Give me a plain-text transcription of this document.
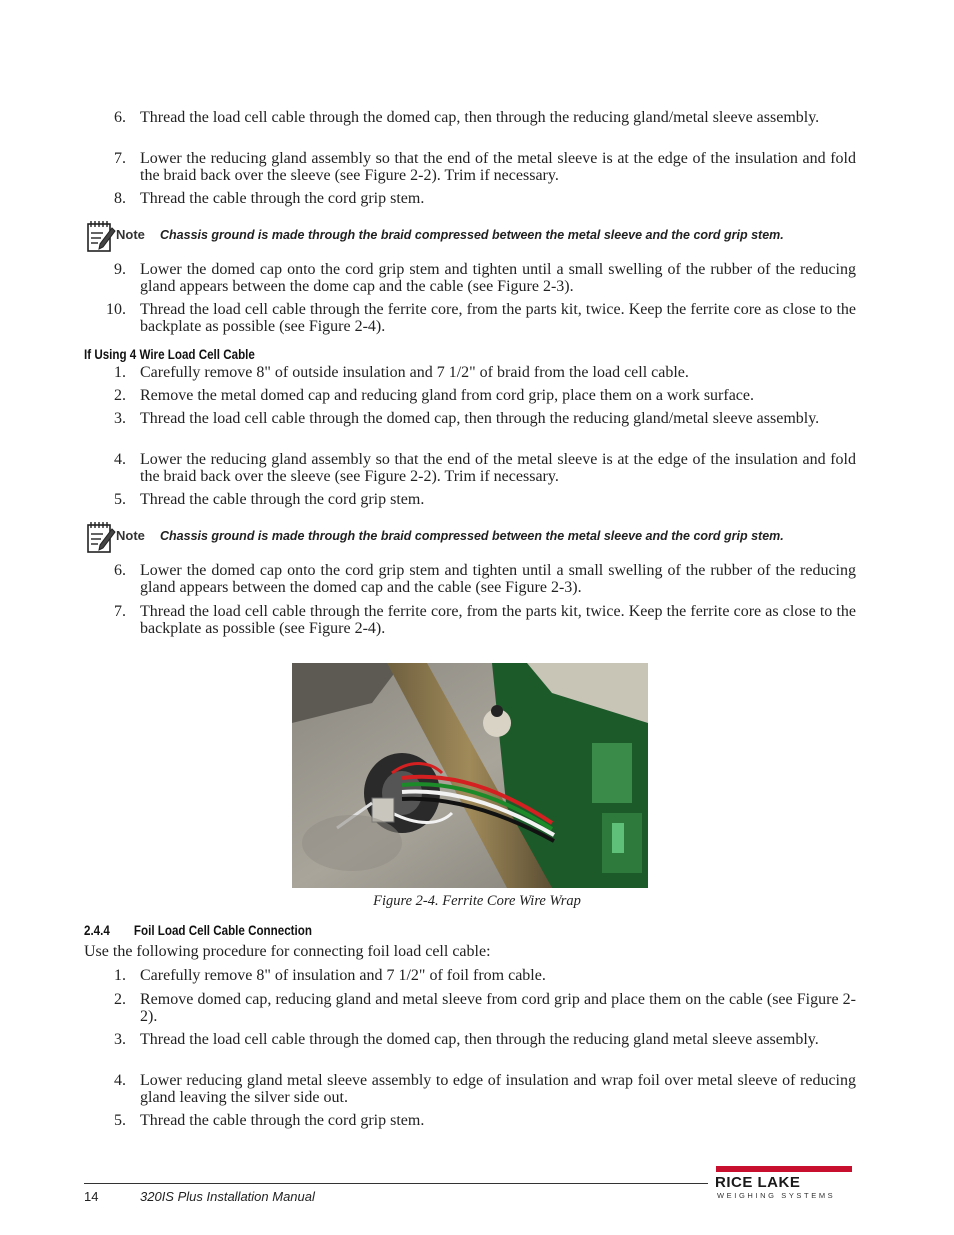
6. Thread the load cell cable through the domed cap, then through the reducing gland/metal sleeve assembly.
7. Lower the reducing gland assembly so that the end of the metal sleeve is at the edge of the insulation and fold the braid back over the sleeve (see Figure 2-2). Trim if necessary.
8. Thread the cable through the cord grip stem.
Note Chassis ground is made through the braid compressed between the metal sleeve and the cord grip stem.
9. Lower the domed cap onto the cord grip stem and tighten until a small swelling of the rubber of the reducing gland appears between the dome cap and the cable (see Figure 2-3).
10. Thread the load cell cable through the ferrite core, from the parts kit, twice. Keep the ferrite core as close to the backplate as possible (see Figure 2-4).
If Using 4 Wire Load Cell Cable
1. Carefully remove 8" of outside insulation and 7 1/2" of braid from the load cell cable.
2. Remove the metal domed cap and reducing gland from cord grip, place them on a work surface.
3. Thread the load cell cable through the domed cap, then through the reducing gland/metal sleeve assembly.
4. Lower the reducing gland assembly so that the end of the metal sleeve is at the edge of the insulation and fold the braid back over the sleeve (see Figure 2-2). Trim if necessary.
5. Thread the cable through the cord grip stem.
Note Chassis ground is made through the braid compressed between the metal sleeve and the cord grip stem.
6. Lower the domed cap onto the cord grip stem and tighten until a small swelling of the rubber of the reducing gland appears between the domed cap and the cable (see Figure 2-3).
7. Thread the load cell cable through the ferrite core, from the parts kit, twice. Keep the ferrite core as close to the backplate as possible (see Figure 2-4).
Figure 2-4. Ferrite Core Wire Wrap
2.4.4 Foil Load Cell Cable Connection
Use the following procedure for connecting foil load cell cable:
1. Carefully remove 8" of insulation and 7 1/2" of foil from cable.
2. Remove domed cap, reducing gland and metal sleeve from cord grip and place them on the cable (see Figure 2-2).
3. Thread the load cell cable through the domed cap, then through the reducing gland metal sleeve assembly.
4. Lower reducing gland metal sleeve assembly to edge of insulation and wrap foil over metal sleeve of reducing gland leaving the silver side out.
5. Thread the cable through the cord grip stem.
14	320IS Plus Installation Manual
RICE LAKE
WEIGHING SYSTEMS
